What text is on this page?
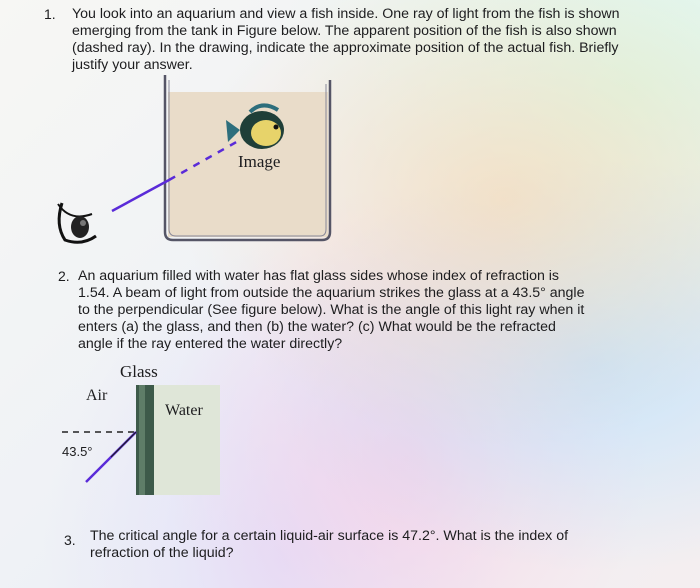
1. You look into an aquarium and view a fish inside. One ray of light from the fish is shown
emerging from the tank in Figure below. The apparent position of the fish is also shown
(dashed ray). In the drawing, indicate the approximate position of the actual fish. Briefly
justify your answer.
Image
2. An aquarium filled with water has flat glass sides whose index of refraction is
1.54. A beam of light from outside the aquarium strikes the glass at a 43.5° angle
to the perpendicular (See figure below). What is the angle of this light ray when it
enters (a) the glass, and then (b) the water? (c) What would be the refracted
angle if the ray entered the water directly?
Glass
Air
Water
43.5°
3. The critical angle for a certain liquid-air surface is 47.2°. What is the index of
refraction of the liquid?
